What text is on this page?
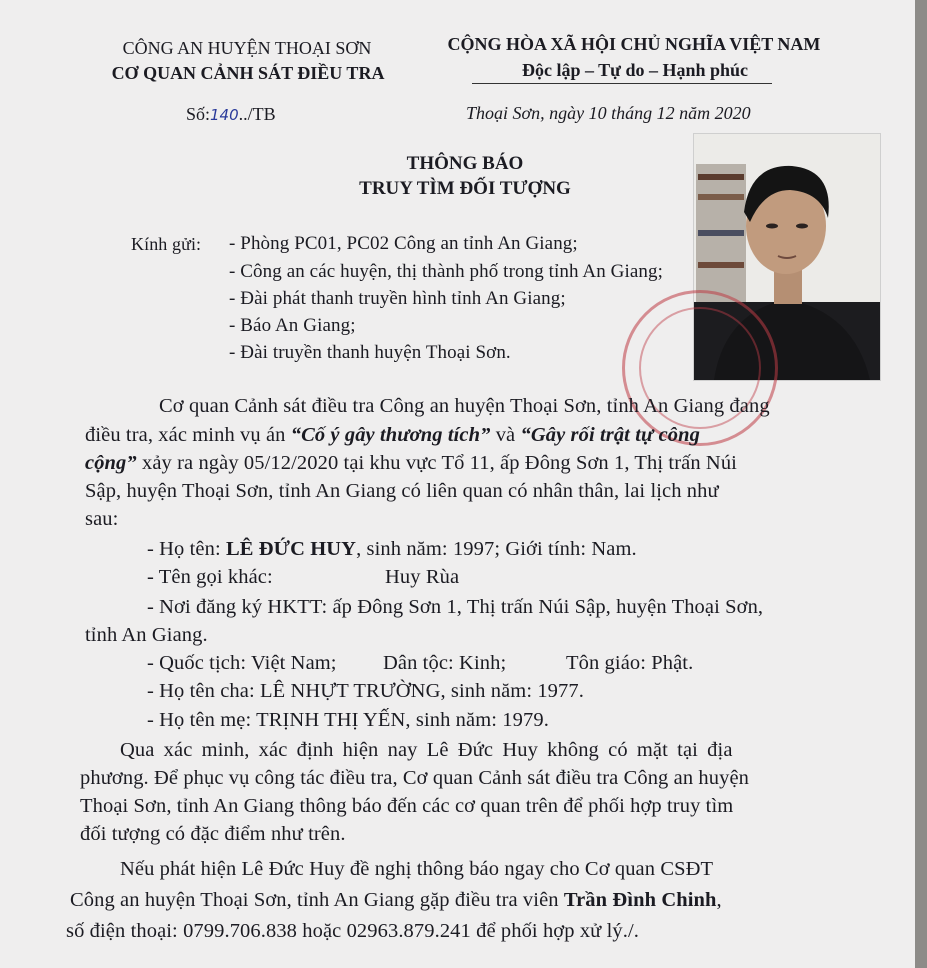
CÔNG AN HUYỆN THOẠI SƠN
CƠ QUAN CẢNH SÁT ĐIỀU TRA
Số:140../TB
CỘNG HÒA XÃ HỘI CHỦ NGHĨA VIỆT NAM
Độc lập – Tự do – Hạnh phúc
Thoại Sơn, ngày 10 tháng 12 năm 2020
THÔNG BÁO
TRUY TÌM ĐỐI TƯỢNG
Kính gửi: - Phòng PC01, PC02 Công an tỉnh An Giang;
- Công an các huyện, thị thành phố trong tỉnh An Giang;
- Đài phát thanh truyền hình tỉnh An Giang;
- Báo An Giang;
- Đài truyền thanh huyện Thoại Sơn.
Cơ quan Cảnh sát điều tra Công an huyện Thoại Sơn, tỉnh An Giang đang
điều tra, xác minh vụ án “Cố ý gây thương tích” và “Gây rối trật tự công
cộng” xảy ra ngày 05/12/2020 tại khu vực Tổ 11, ấp Đông Sơn 1, Thị trấn Núi
Sập, huyện Thoại Sơn, tỉnh An Giang có liên quan có nhân thân, lai lịch như
sau:
- Họ tên: LÊ ĐỨC HUY, sinh năm: 1997; Giới tính: Nam.
- Tên gọi khác:	Huy Rùa
- Nơi đăng ký HKTT: ấp Đông Sơn 1, Thị trấn Núi Sập, huyện Thoại Sơn,
tỉnh An Giang.
- Quốc tịch: Việt Nam; Dân tộc: Kinh;	Tôn giáo: Phật.
- Họ tên cha: LÊ NHỰT TRƯỜNG, sinh năm: 1977.
- Họ tên mẹ: TRỊNH THỊ YẾN, sinh năm: 1979.
Qua xác minh, xác định hiện nay Lê Đức Huy không có mặt tại địa
phương. Để phục vụ công tác điều tra, Cơ quan Cảnh sát điều tra Công an huyện
Thoại Sơn, tỉnh An Giang thông báo đến các cơ quan trên để phối hợp truy tìm
đối tượng có đặc điểm như trên.
Nếu phát hiện Lê Đức Huy đề nghị thông báo ngay cho Cơ quan CSĐT
Công an huyện Thoại Sơn, tỉnh An Giang gặp điều tra viên Trần Đình Chinh,
số điện thoại: 0799.706.838 hoặc 02963.879.241 để phối hợp xử lý./.
